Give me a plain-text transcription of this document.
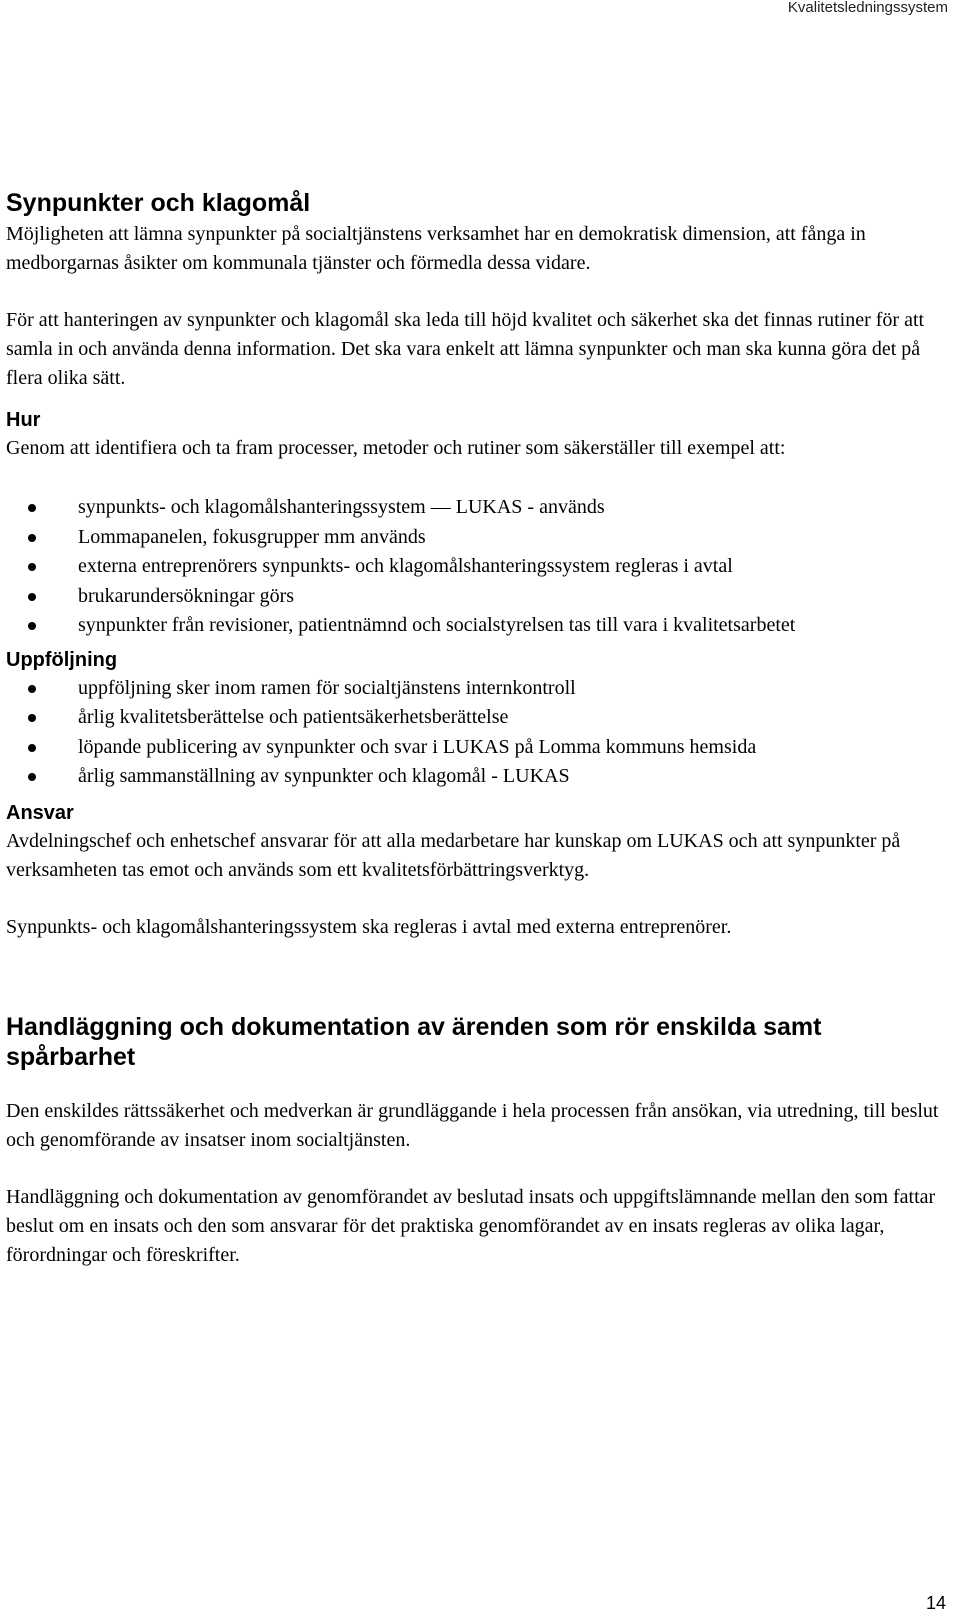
Kvalitetsledningssystem
Synpunkter och klagomål

Möjligheten att lämna synpunkter på socialtjänstens verksamhet har en demokratisk dimension, att fånga in medborgarnas åsikter om kommunala tjänster och förmedla dessa vidare.

För att hanteringen av synpunkter och klagomål ska leda till höjd kvalitet och säkerhet ska det finnas rutiner för att samla in och använda denna information. Det ska vara enkelt att lämna synpunkter och man ska kunna göra det på flera olika sätt.

Hur

Genom att identifiera och ta fram processer, metoder och rutiner som säkerställer till exempel att:

synpunkts- och klagomålshanteringssystem — LUKAS - används
Lommapanelen, fokusgrupper mm används
externa entreprenörers synpunkts- och klagomålshanteringssystem regleras i avtal
brukarundersökningar görs
synpunkter från revisioner, patientnämnd och socialstyrelsen tas till vara i kvalitetsarbetet
Uppföljning
uppföljning sker inom ramen för socialtjänstens internkontroll
årlig kvalitetsberättelse och patientsäkerhetsberättelse
löpande publicering av synpunkter och svar i LUKAS på Lomma kommuns hemsida
årlig sammanställning av synpunkter och klagomål - LUKAS
Ansvar

Avdelningschef och enhetschef ansvarar för att alla medarbetare har kunskap om LUKAS och att synpunkter på verksamheten tas emot och används som ett kvalitetsförbättringsverktyg.

Synpunkts- och klagomålshanteringssystem ska regleras i avtal med externa entreprenörer.

Handläggning och dokumentation av ärenden som rör enskilda samt spårbarhet

Den enskildes rättssäkerhet och medverkan är grundläggande i hela processen från ansökan, via utredning, till beslut och genomförande av insatser inom socialtjänsten.

Handläggning och dokumentation av genomförandet av beslutad insats och uppgiftslämnande mellan den som fattar beslut om en insats och den som ansvarar för det praktiska genomförandet av en insats regleras av olika lagar, förordningar och föreskrifter.

14
